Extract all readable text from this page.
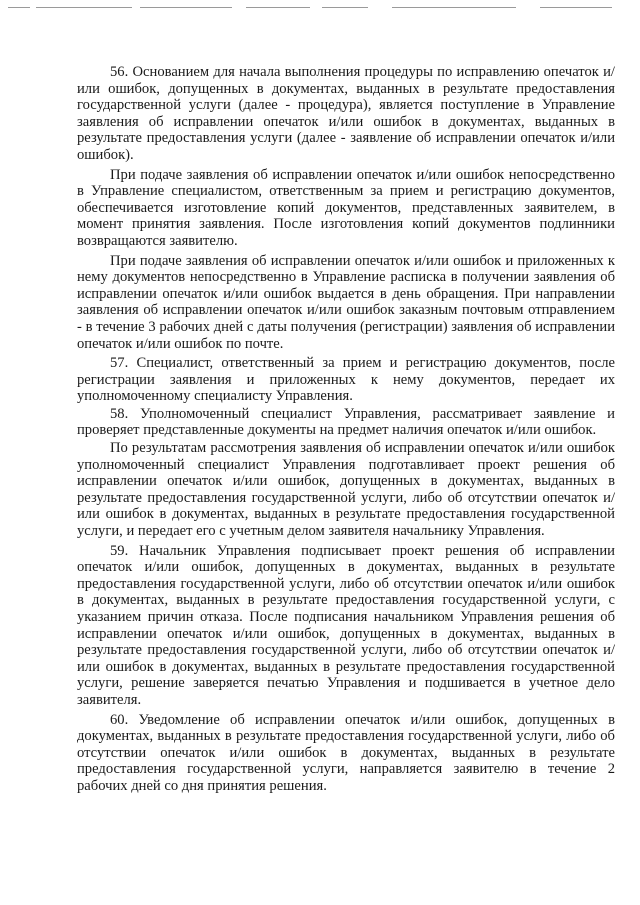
56. Основанием для начала выполнения процедуры по исправлению опечаток и/или ошибок, допущенных в документах, выданных в результате предоставления государственной услуги (далее - процедура), является поступление в Управление заявления об исправлении опечаток и/или ошибок в документах, выданных в результате предоставления услуги (далее - заявление об исправлении опечаток и/или ошибок).

При подаче заявления об исправлении опечаток и/или ошибок непосредственно в Управление специалистом, ответственным за прием и регистрацию документов, обеспечивается изготовление копий документов, представленных заявителем, в момент принятия заявления. После изготовления копий документов подлинники возвращаются заявителю.

При подаче заявления об исправлении опечаток и/или ошибок и приложенных к нему документов непосредственно в Управление расписка в получении заявления об исправлении опечаток и/или ошибок выдается в день обращения. При направлении заявления об исправлении опечаток и/или ошибок заказным почтовым отправлением - в течение 3 рабочих дней с даты получения (регистрации) заявления об исправлении опечаток и/или ошибок по почте.

57. Специалист, ответственный за прием и регистрацию документов, после регистрации заявления и приложенных к нему документов, передает их уполномоченному специалисту Управления.

58. Уполномоченный специалист Управления, рассматривает заявление и проверяет представленные документы на предмет наличия опечаток и/или ошибок.

По результатам рассмотрения заявления об исправлении опечаток и/или ошибок уполномоченный специалист Управления подготавливает проект решения об исправлении опечаток и/или ошибок, допущенных в документах, выданных в результате предоставления государственной услуги, либо об отсутствии опечаток и/или ошибок в документах, выданных в результате предоставления государственной услуги, и передает его с учетным делом заявителя начальнику Управления.

59. Начальник Управления подписывает проект решения об исправлении опечаток и/или ошибок, допущенных в документах, выданных в результате предоставления государственной услуги, либо об отсутствии опечаток и/или ошибок в документах, выданных в результате предоставления государственной услуги, с указанием причин отказа. После подписания начальником Управления решения об исправлении опечаток и/или ошибок, допущенных в документах, выданных в результате предоставления государственной услуги, либо об отсутствии опечаток и/или ошибок в документах, выданных в результате предоставления государственной услуги, решение заверяется печатью Управления и подшивается в учетное дело заявителя.

60. Уведомление об исправлении опечаток и/или ошибок, допущенных в документах, выданных в результате предоставления государственной услуги, либо об отсутствии опечаток и/или ошибок в документах, выданных в результате предоставления государственной услуги, направляется заявителю в течение 2 рабочих дней со дня принятия решения.
